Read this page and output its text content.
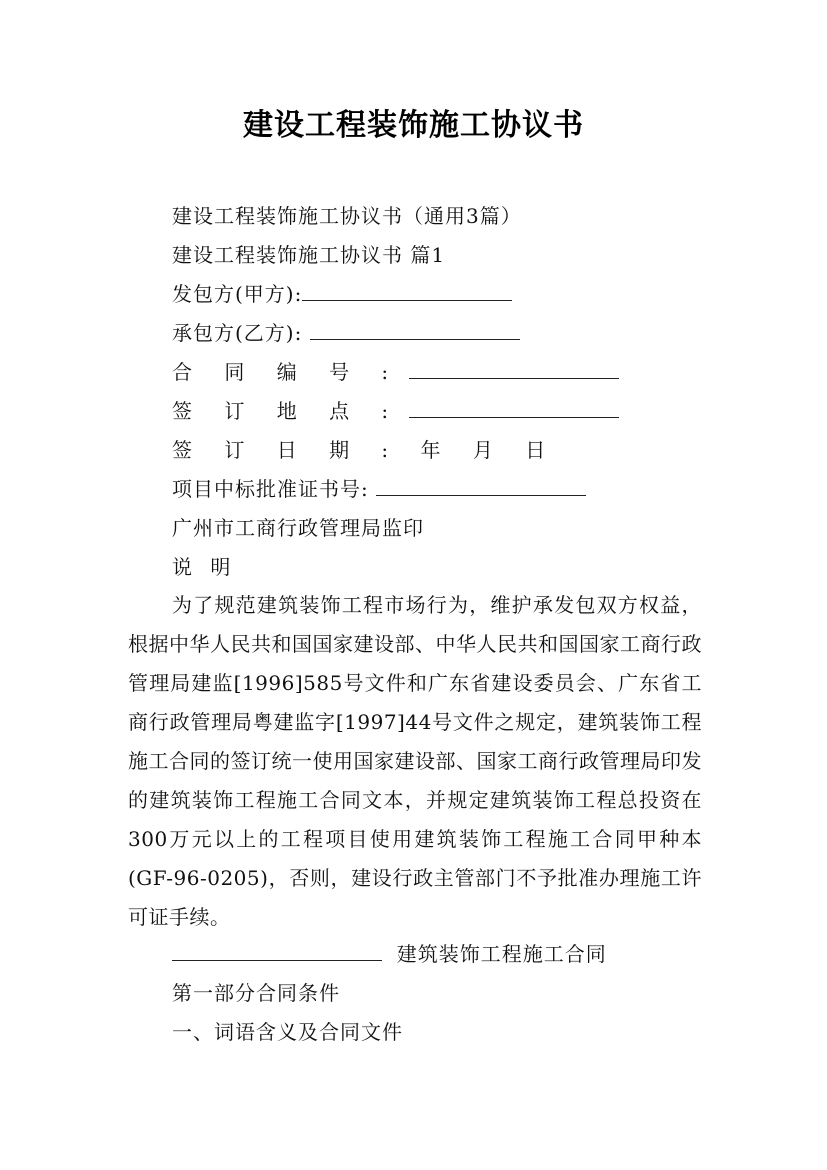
建设工程装饰施工协议书
建设工程装饰施工协议书（通用3篇）
建设工程装饰施工协议书 篇1
发包方(甲方):
承包方(乙方):
合 同 编 号 :
签 订 地 点 :
签 订 日 期 : 年 月 日
项目中标批准证书号:
广州市工商行政管理局监印
说 明
为了规范建筑装饰工程市场行为，维护承发包双方权益，根据中华人民共和国国家建设部、中华人民共和国国家工商行政管理局建监[1996]585号文件和广东省建设委员会、广东省工商行政管理局粤建监字[1997]44号文件之规定，建筑装饰工程施工合同的签订统一使用国家建设部、国家工商行政管理局印发的建筑装饰工程施工合同文本，并规定建筑装饰工程总投资在300万元以上的工程项目使用建筑装饰工程施工合同甲种本(GF-96-0205)，否则，建设行政主管部门不予批准办理施工许可证手续。
建筑装饰工程施工合同
第一部分合同条件
一、词语含义及合同文件
